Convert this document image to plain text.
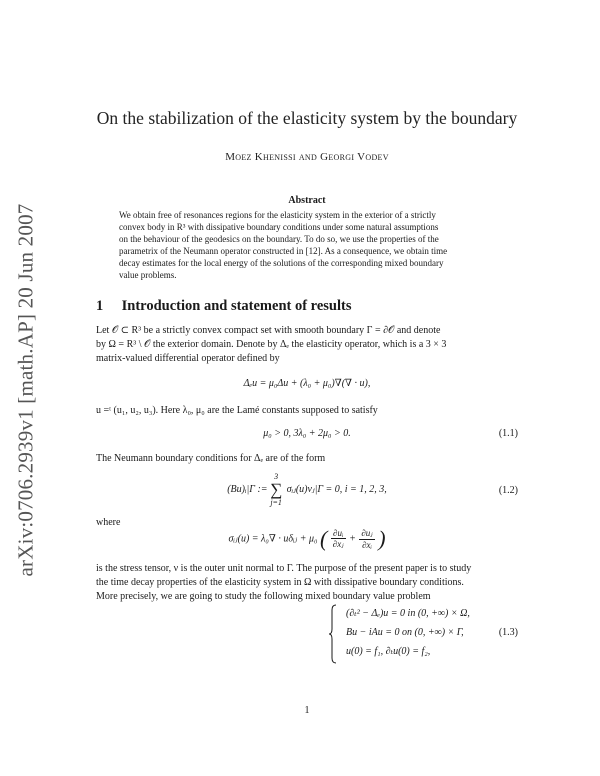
arXiv:0706.2939v1 [math.AP] 20 Jun 2007
On the stabilization of the elasticity system by the boundary
Moez Khenissi and Georgi Vodev
Abstract
We obtain free of resonances regions for the elasticity system in the exterior of a strictly
convex body in R³ with dissipative boundary conditions under some natural assumptions
on the behaviour of the geodesics on the boundary. To do so, we use the properties of the
parametrix of the Neumann operator constructed in [12]. As a consequence, we obtain time
decay estimates for the local energy of the solutions of the corresponding mixed boundary
value problems.
1 Introduction and statement of results
Let 𝒪 ⊂ R³ be a strictly convex compact set with smooth boundary Γ = ∂𝒪 and denote
by Ω = R³ \ 𝒪 the exterior domain. Denote by Δₑ the elasticity operator, which is a 3 × 3
matrix-valued differential operator defined by
Δₑu = μ₀Δu + (λ₀ + μ₀)∇(∇ · u),
u =ᵗ (u₁, u₂, u₃). Here λ₀, μ₀ are the Lamé constants supposed to satisfy
μ₀ > 0, 3λ₀ + 2μ₀ > 0.	(1.1)
The Neumann boundary conditions for Δₑ are of the form
(Bu)ᵢ|Γ := 3
∑
j=1 σᵢⱼ(u)νⱼ|Γ = 0, i = 1, 2, 3,	(1.2)
where
σᵢⱼ(u) = λ₀∇ · uδᵢⱼ + μ₀ ( $\frac{\text{∂uᵢ}}{\text{∂xⱼ}} + \frac{\text{∂uⱼ}}{\text{∂xᵢ}}$ )
is the stress tensor, ν is the outer unit normal to Γ. The purpose of the present paper is to study
the time decay properties of the elasticity system in Ω with dissipative boundary conditions.
More precisely, we are going to study the following mixed boundary value problem
(∂ₜ² − Δₑ)u = 0 in (0, +∞) × Ω,
Bu − iAu = 0 on (0, +∞) × Γ,
u(0) = f₁, ∂ₜu(0) = f₂,
(1.3)
1
